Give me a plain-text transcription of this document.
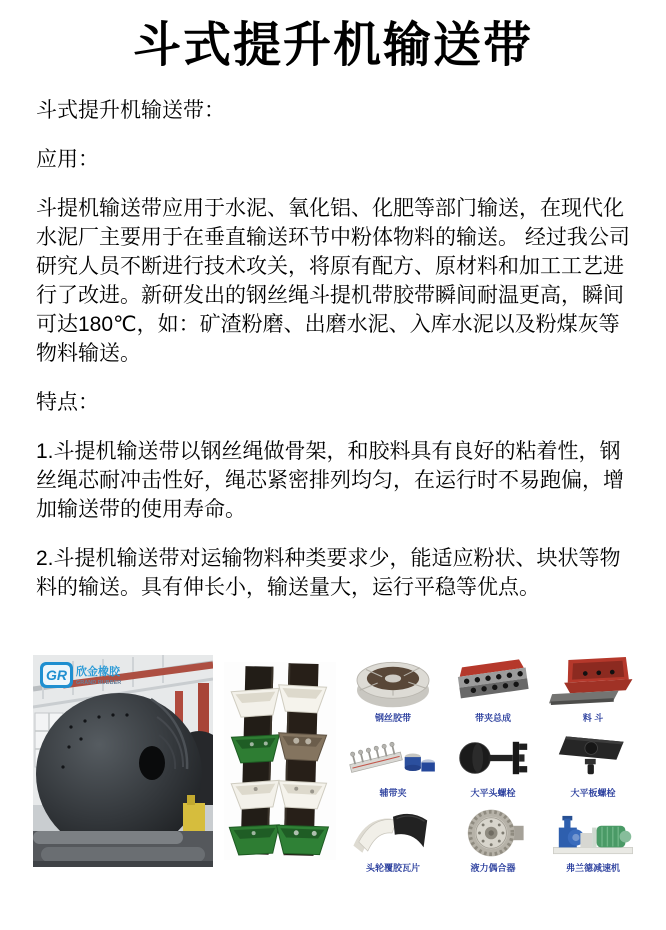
斗式提升机输送带

斗式提升机输送带：

应用：

斗提机输送带应用于水泥、氧化铝、化肥等部门输送，在现代化水泥厂主要用于在垂直输送环节中粉体物料的输送。 经过我公司研究人员不断进行技术攻关，将原有配方、原材料和加工工艺进行了改进。新研发出的钢丝绳斗提机带胶带瞬间耐温更高，瞬间可达180℃，如：矿渣粉磨、出磨水泥、入库水泥以及粉煤灰等物料输送。

特点：

1.斗提机输送带以钢丝绳做骨架，和胶料具有良好的粘着性，钢丝绳芯耐冲击性好，绳芯紧密排列均匀，在运行时不易跑偏，增加输送带的使用寿命。

2.斗提机输送带对运输物料种类要求少，能适应粉状、块状等物料的输送。具有伸长小，输送量大，运行平稳等优点。

GR 欣金橡胶
GRAND RUBBER
钢丝胶带	带夹总成	料 斗
辅带夹	大平头螺栓	大平板螺栓
头轮覆胶瓦片	液力偶合器	弗兰德减速机
